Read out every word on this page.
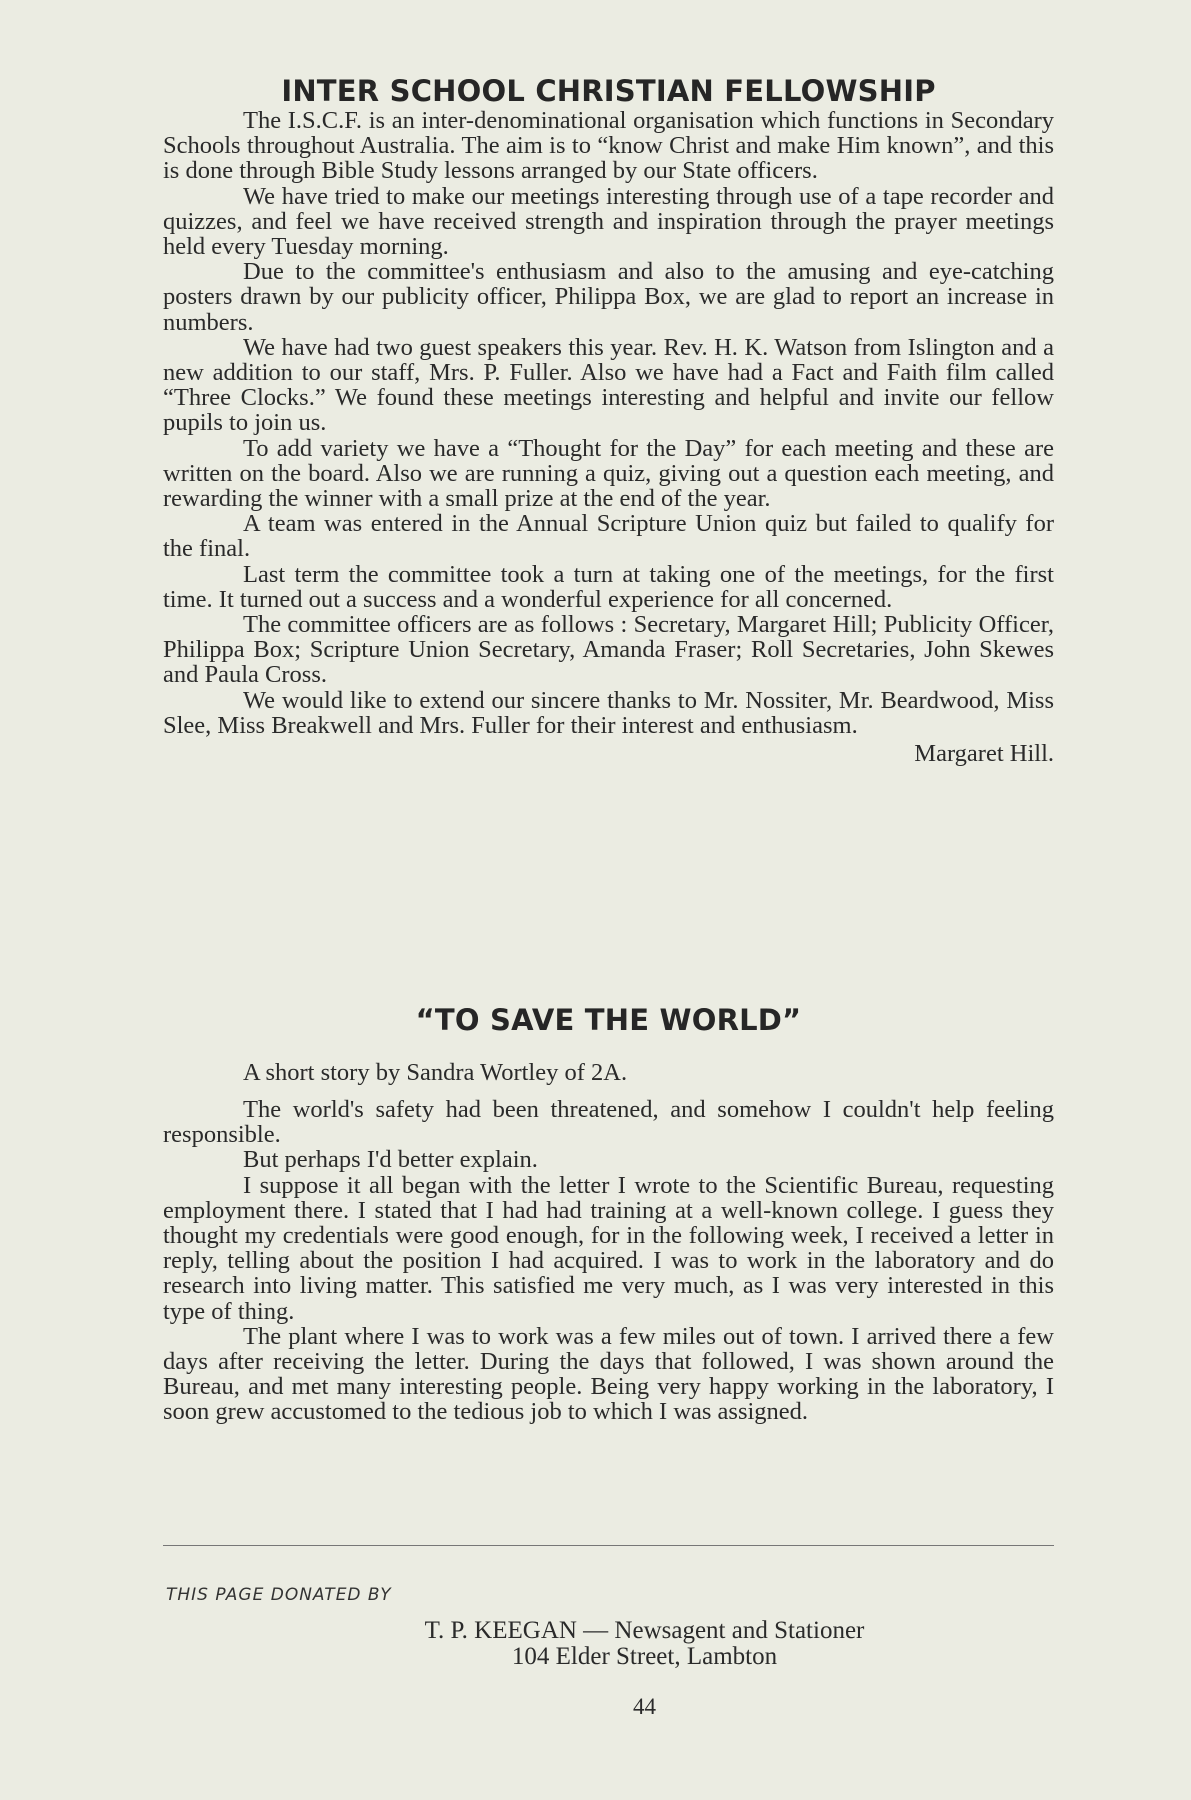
INTER SCHOOL CHRISTIAN FELLOWSHIP

The I.S.C.F. is an inter-denominational organisation which functions in Secondary Schools throughout Australia. The aim is to “know Christ and make Him known”, and this is done through Bible Study lessons arranged by our State officers.

We have tried to make our meetings interesting through use of a tape recorder and quizzes, and feel we have received strength and inspiration through the prayer meetings held every Tuesday morning.

Due to the committee's enthusiasm and also to the amusing and eye-catching posters drawn by our publicity officer, Philippa Box, we are glad to report an increase in numbers.

We have had two guest speakers this year. Rev. H. K. Watson from Islington and a new addition to our staff, Mrs. P. Fuller. Also we have had a Fact and Faith film called “Three Clocks.” We found these meetings interesting and helpful and invite our fellow pupils to join us.

To add variety we have a “Thought for the Day” for each meeting and these are written on the board. Also we are running a quiz, giving out a question each meeting, and rewarding the winner with a small prize at the end of the year.

A team was entered in the Annual Scripture Union quiz but failed to qualify for the final.

Last term the committee took a turn at taking one of the meetings, for the first time. It turned out a success and a wonderful experience for all concerned.

The committee officers are as follows : Secretary, Margaret Hill; Publicity Officer, Philippa Box; Scripture Union Secretary, Amanda Fraser; Roll Secretaries, John Skewes and Paula Cross.

We would like to extend our sincere thanks to Mr. Nossiter, Mr. Beardwood, Miss Slee, Miss Breakwell and Mrs. Fuller for their interest and enthusiasm.

Margaret Hill.

“TO SAVE THE WORLD”

A short story by Sandra Wortley of 2A.

The world's safety had been threatened, and somehow I couldn't help feeling responsible.

But perhaps I'd better explain.

I suppose it all began with the letter I wrote to the Scientific Bureau, requesting employment there. I stated that I had had training at a well-known college. I guess they thought my credentials were good enough, for in the following week, I received a letter in reply, telling about the position I had acquired. I was to work in the laboratory and do research into living matter. This satisfied me very much, as I was very interested in this type of thing.

The plant where I was to work was a few miles out of town. I arrived there a few days after receiving the letter. During the days that followed, I was shown around the Bureau, and met many interesting people. Being very happy working in the laboratory, I soon grew accustomed to the tedious job to which I was assigned.

THIS PAGE DONATED BY
T. P. KEEGAN — Newsagent and Stationer
104 Elder Street, Lambton
44
